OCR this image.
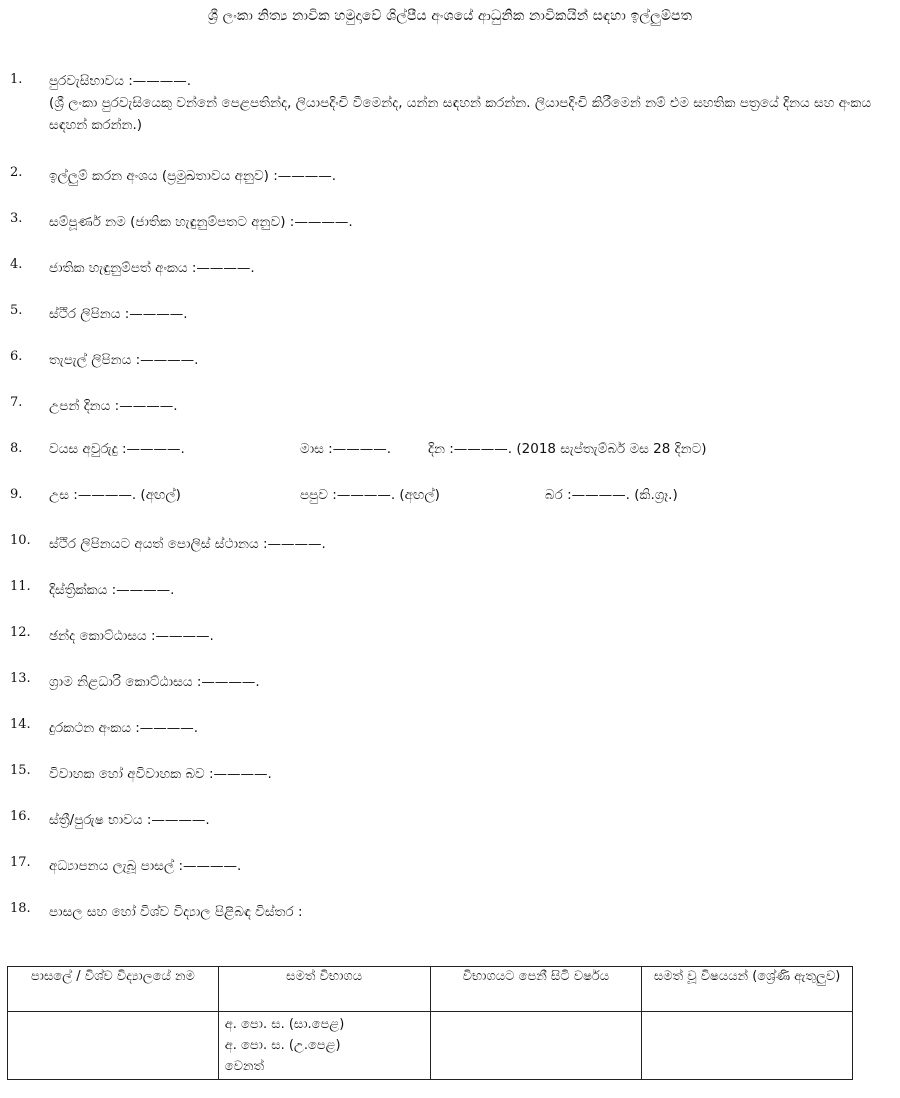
ශ්‍රී ලංකා නිත්‍ය නාවික හමුදාවේ ශිල්පීය අංශයේ ආධුනික නාවිකයින් සඳහා ඉල්ලුම්පත
1.	පුරවැසිභාවය :————.
(ශ්‍රී ලංකා පුරවැසියෙකු වන්නේ පෙළපතින්ද, ලියාපදිංචි වීමෙන්ද, යන්න සඳහන් කරන්න. ලියාපදිංචි කිරීමෙන් නම් එම සහතික පත්‍රයේ දිනය සහ අංකය සඳහන් කරන්න.)
2.	ඉල්ලුම් කරන අංශය (ප්‍රමුඛතාවය අනුව) :————.
3.	සම්පූර්ණ නම (ජාතික හැඳුනුම්පතට අනුව) :————.
4.	ජාතික හැඳුනුම්පත් අංකය :————.
5.	ස්ථිර ලිපිනය :————.
6.	තැපැල් ලිපිනය :————.
7.	උපන් දිනය :————.
8.	වයස අවුරුදු :————.	මාස :————.	දින :————. (2018 සැප්තැම්බර් මස 28 දිනට)
9.	උස :————. (අඟල්)	පපුව :————. (අඟල්)	බර :————. (කි.ග්‍රෑ.)
10. ස්ථිර ලිපිනයට අයත් පොලිස් ස්ථානය :————.
11. දිස්ත්‍රික්කය :————.
12. ඡන්ද කොට්ඨාසය :————.
13. ග්‍රාම නිළධාරි කොට්ඨාසය :————.
14. දුරකථන අංකය :————.
15. විවාහක හෝ අවිවාහක බව :————.
16. ස්ත්‍රී/පුරුෂ භාවය :————.
17. අධ්‍යාපනය ලැබූ පාසල් :————.
18. පාසල සහ හෝ විශ්ව විද්‍යාල පිළිබඳ විස්තර :
පාසලේ / විශ්ව විද්‍යාලයේ නම	සමත් විභාගය	විභාගයට පෙනී සිටි වර්ෂය	සමත් වූ විෂයයන් (ශ්‍රේණි ඇතුලුව)

	අ. පො. ස. (සා.පෙළ)
අ. පො. ස. (උ.පෙළ)
වෙනත්		
